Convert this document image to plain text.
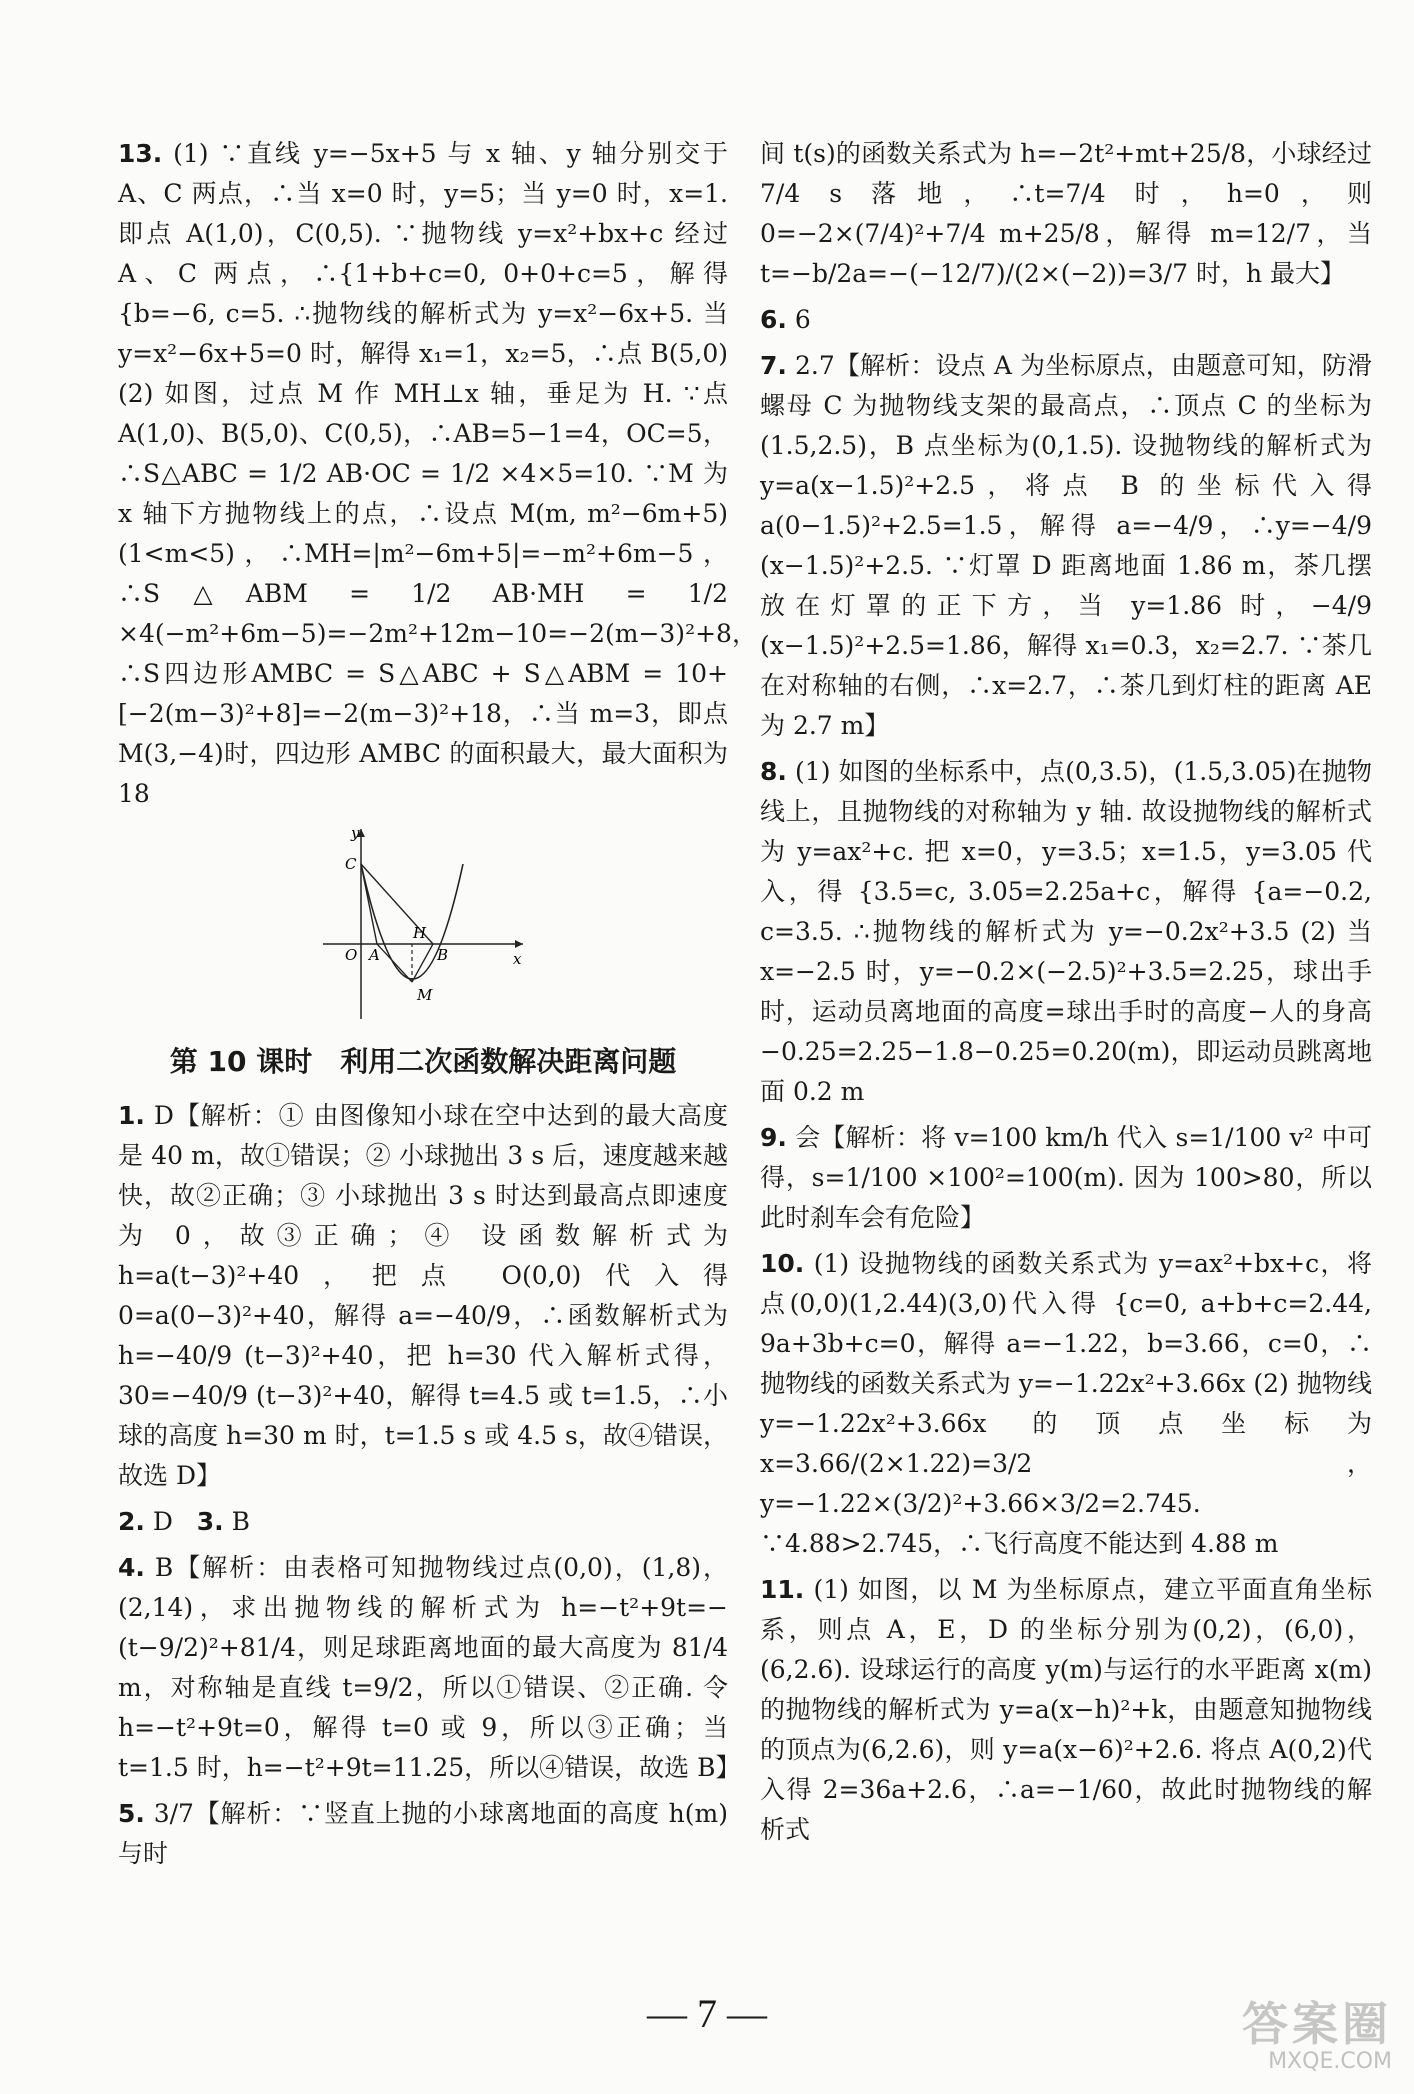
13. (1) ∵直线 y=−5x+5 与 x 轴、y 轴分别交于 A、C 两点，∴当 x=0 时，y=5；当 y=0 时，x=1. 即点 A(1,0)，C(0,5). ∵抛物线 y=x²+bx+c 经过 A、C 两点，∴{1+b+c=0, 0+0+c=5，解得 {b=−6, c=5. ∴抛物线的解析式为 y=x²−6x+5. 当 y=x²−6x+5=0 时，解得 x₁=1，x₂=5，∴点 B(5,0) (2) 如图，过点 M 作 MH⊥x 轴，垂足为 H. ∵点 A(1,0)、B(5,0)、C(0,5)，∴AB=5−1=4，OC=5，∴S△ABC = 1/2 AB·OC = 1/2 ×4×5=10. ∵M 为 x 轴下方抛物线上的点，∴设点 M(m, m²−6m+5)(1<m<5)，∴MH=|m²−6m+5|=−m²+6m−5，∴S△ABM = 1/2 AB·MH = 1/2 ×4(−m²+6m−5)=−2m²+12m−10=−2(m−3)²+8，∴S四边形AMBC = S△ABC + S△ABM = 10+[−2(m−3)²+8]=−2(m−3)²+18，∴当 m=3，即点 M(3,−4)时，四边形 AMBC 的面积最大，最大面积为 18

y
x
O A	B
C
H
M
第 10 课时　利用二次函数解决距离问题

1. D【解析：① 由图像知小球在空中达到的最大高度是 40 m，故①错误；② 小球抛出 3 s 后，速度越来越快，故②正确；③ 小球抛出 3 s 时达到最高点即速度为 0，故③正确；④ 设函数解析式为 h=a(t−3)²+40，把点 O(0,0)代入得 0=a(0−3)²+40，解得 a=−40/9，∴函数解析式为 h=−40/9 (t−3)²+40，把 h=30 代入解析式得，30=−40/9 (t−3)²+40，解得 t=4.5 或 t=1.5，∴小球的高度 h=30 m 时，t=1.5 s 或 4.5 s，故④错误，故选 D】

2. D 3. B

4. B【解析：由表格可知抛物线过点(0,0)，(1,8)，(2,14)，求出抛物线的解析式为 h=−t²+9t=−(t−9/2)²+81/4，则足球距离地面的最大高度为 81/4 m，对称轴是直线 t=9/2，所以①错误、②正确. 令 h=−t²+9t=0，解得 t=0 或 9，所以③正确；当 t=1.5 时，h=−t²+9t=11.25，所以④错误，故选 B】

5. 3/7【解析：∵竖直上抛的小球离地面的高度 h(m)与时

间 t(s)的函数关系式为 h=−2t²+mt+25/8，小球经过 7/4 s 落地，∴t=7/4 时，h=0，则 0=−2×(7/4)²+7/4 m+25/8，解得 m=12/7，当 t=−b/2a=−(−12/7)/(2×(−2))=3/7 时，h 最大】

6. 6

7. 2.7【解析：设点 A 为坐标原点，由题意可知，防滑螺母 C 为抛物线支架的最高点，∴顶点 C 的坐标为(1.5,2.5)，B 点坐标为(0,1.5). 设抛物线的解析式为 y=a(x−1.5)²+2.5，将点 B 的坐标代入得 a(0−1.5)²+2.5=1.5，解得 a=−4/9，∴y=−4/9 (x−1.5)²+2.5. ∵灯罩 D 距离地面 1.86 m，茶几摆放在灯罩的正下方，当 y=1.86 时，−4/9 (x−1.5)²+2.5=1.86，解得 x₁=0.3，x₂=2.7. ∵茶几在对称轴的右侧，∴x=2.7，∴茶几到灯柱的距离 AE 为 2.7 m】

8. (1) 如图的坐标系中，点(0,3.5)，(1.5,3.05)在抛物线上，且抛物线的对称轴为 y 轴. 故设抛物线的解析式为 y=ax²+c. 把 x=0，y=3.5；x=1.5，y=3.05 代入，得 {3.5=c, 3.05=2.25a+c，解得 {a=−0.2, c=3.5. ∴抛物线的解析式为 y=−0.2x²+3.5 (2) 当 x=−2.5 时，y=−0.2×(−2.5)²+3.5=2.25，球出手时，运动员离地面的高度=球出手时的高度−人的身高−0.25=2.25−1.8−0.25=0.20(m)，即运动员跳离地面 0.2 m

9. 会【解析：将 v=100 km/h 代入 s=1/100 v² 中可得，s=1/100 ×100²=100(m). 因为 100>80，所以此时刹车会有危险】

10. (1) 设抛物线的函数关系式为 y=ax²+bx+c，将点(0,0)(1,2.44)(3,0)代入得 {c=0, a+b+c=2.44, 9a+3b+c=0，解得 a=−1.22，b=3.66，c=0，∴抛物线的函数关系式为 y=−1.22x²+3.66x (2) 抛物线 y=−1.22x²+3.66x 的顶点坐标为 x=3.66/(2×1.22)=3/2，y=−1.22×(3/2)²+3.66×3/2=2.745. ∵4.88>2.745，∴飞行高度不能达到 4.88 m

11. (1) 如图，以 M 为坐标原点，建立平面直角坐标系，则点 A，E，D 的坐标分别为(0,2)，(6,0)，(6,2.6). 设球运行的高度 y(m)与运行的水平距离 x(m)的抛物线的解析式为 y=a(x−h)²+k，由题意知抛物线的顶点为(6,2.6)，则 y=a(x−6)²+2.6. 将点 A(0,2)代入得 2=36a+2.6，∴a=−1/60，故此时抛物线的解析式

— 7 —	答案圈
MXQE.COM
